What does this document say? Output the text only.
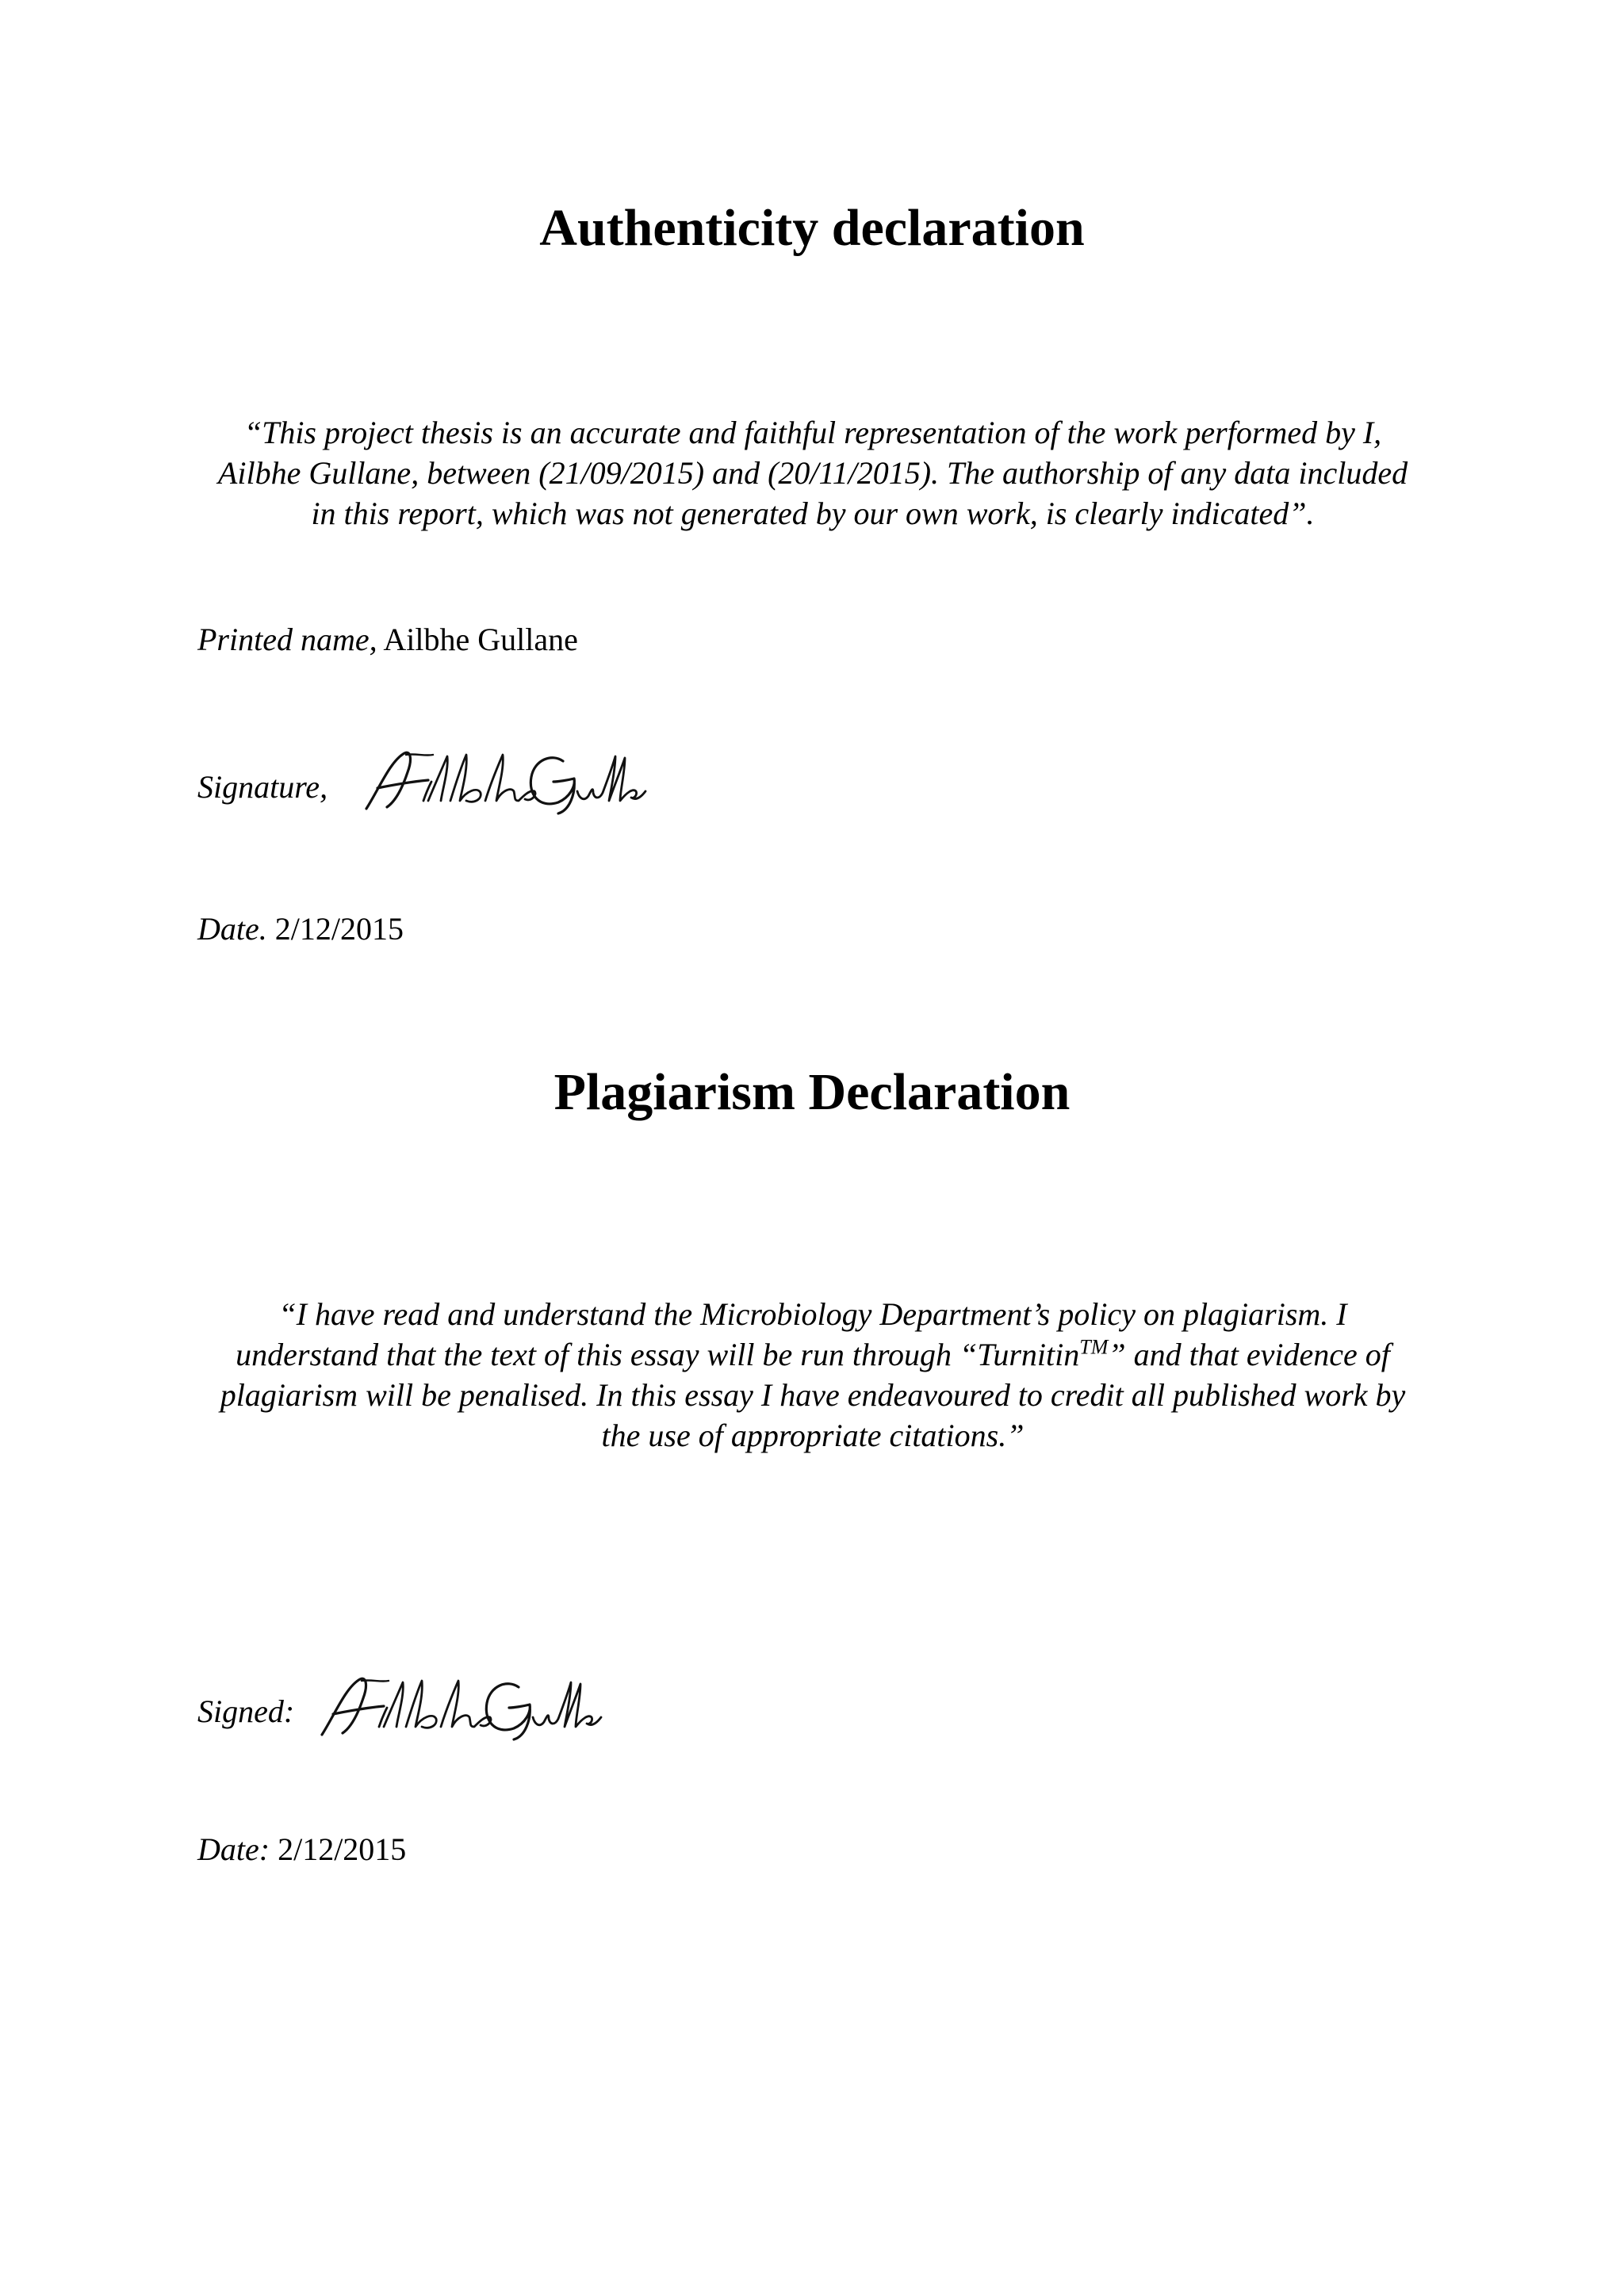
Authenticity declaration
“This project thesis is an accurate and faithful representation of the work performed by I,
Ailbhe Gullane, between (21/09/2015) and (20/11/2015). The authorship of any data included
in this report, which was not generated by our own work, is clearly indicated”.
Printed name, Ailbhe Gullane
Signature,
Date. 2/12/2015
Plagiarism Declaration
“I have read and understand the Microbiology Department’s policy on plagiarism. I
understand that the text of this essay will be run through “Turnitin™” and that evidence of
plagiarism will be penalised. In this essay I have endeavoured to credit all published work by
the use of appropriate citations.”
Signed:
Date: 2/12/2015
